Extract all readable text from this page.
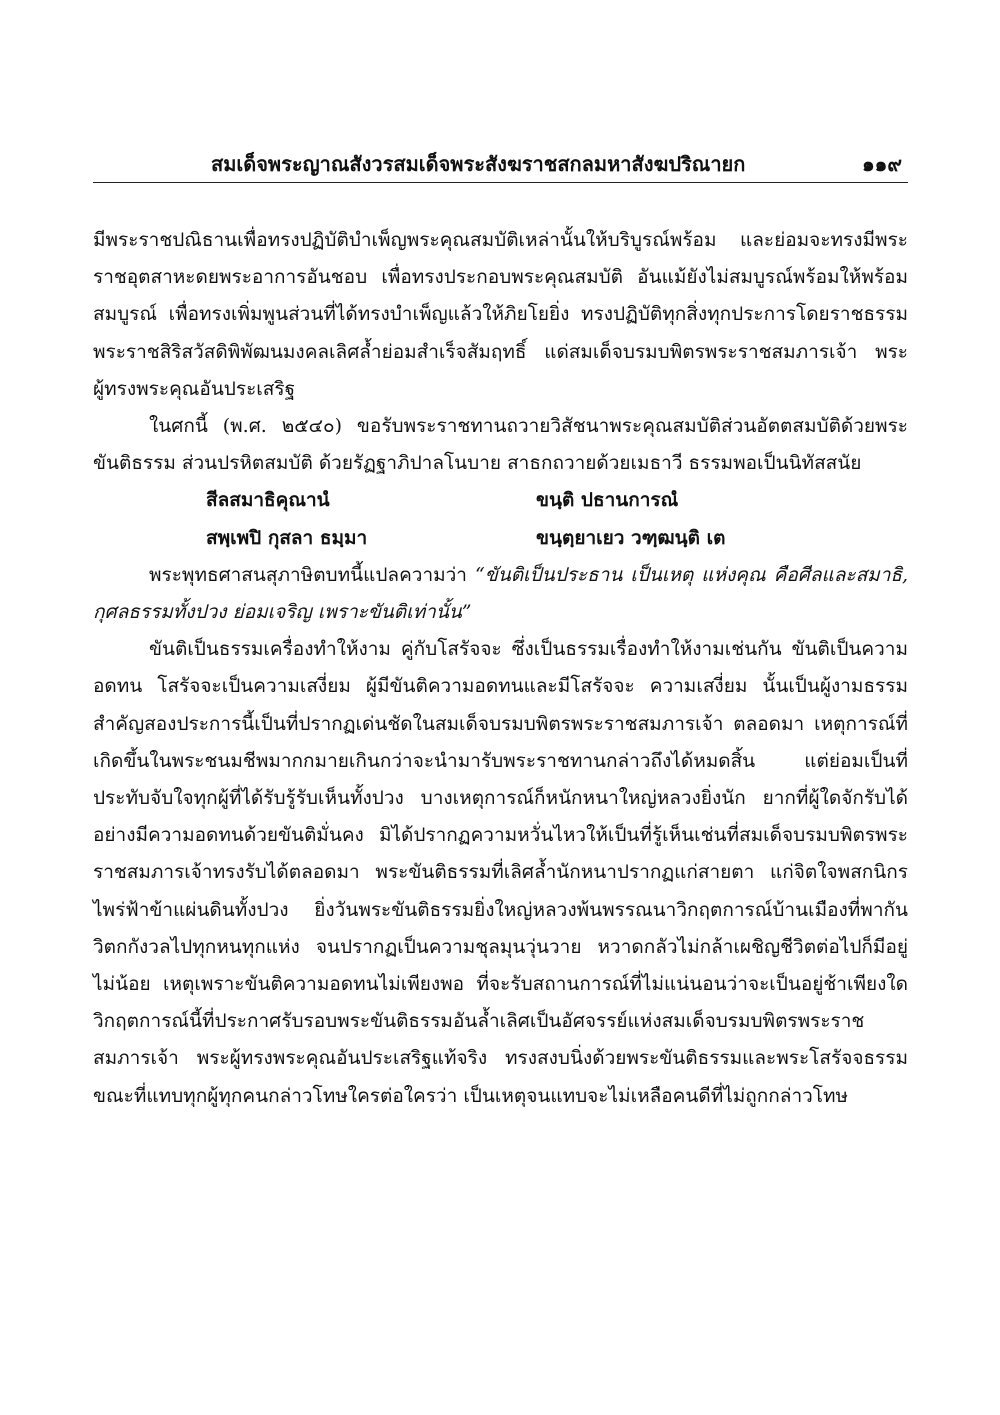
สมเด็จพระญาณสังวรสมเด็จพระสังฆราชสกลมหาสังฆปริณายก	๑๑๙

มีพระราชปณิธานเพื่อทรงปฏิบัติบำเพ็ญพระคุณสมบัติเหล่านั้นให้บริบูรณ์พร้อม และย่อมจะทรงมีพระราชอุตสาหะดยพระอาการอันชอบ เพื่อทรงประกอบพระคุณสมบัติ อันแม้ยังไม่สมบูรณ์พร้อมให้พร้อมสมบูรณ์ เพื่อทรงเพิ่มพูนส่วนที่ได้ทรงบำเพ็ญแล้วให้ภิยโยยิ่ง ทรงปฏิบัติทุกสิ่งทุกประการโดยราชธรรม พระราชสิริสวัสดิพิพัฒนมงคลเลิศล้ำย่อมสำเร็จสัมฤทธิ์ แด่สมเด็จบรมบพิตรพระราชสมภารเจ้า พระผู้ทรงพระคุณอันประเสริฐ

ในศกนี้ (พ.ศ. ๒๕๔๐) ขอรับพระราชทานถวายวิสัชนาพระคุณสมบัติส่วนอัตตสมบัติด้วยพระขันติธรรม ส่วนปรหิตสมบัติ ด้วยรัฏฐาภิปาลโนบาย สาธกถวายด้วยเมธาวี ธรรมพอเป็นนิทัสสนัย

สีลสมาธิคุณานํ	ขนฺติ ปธานการณํ
สพฺเพปิ กุสลา ธมฺมา	ขนฺตฺยาเยว วฑฺฒนฺติ เต

พระพุทธศาสนสุภาษิตบทนี้แปลความว่า “ขันติเป็นประธาน เป็นเหตุ แห่งคุณ คือศีลและสมาธิ, กุศลธรรมทั้งปวง ย่อมเจริญ เพราะขันติเท่านั้น”

ขันติเป็นธรรมเครื่องทำให้งาม คู่กับโสรัจจะ ซึ่งเป็นธรรมเรื่องทำให้งามเช่นกัน ขันติเป็นความอดทน โสรัจจะเป็นความเสงี่ยม ผู้มีขันติความอดทนและมีโสรัจจะ ความเสงี่ยม นั้นเป็นผู้งามธรรมสำคัญสองประการนี้เป็นที่ปรากฏเด่นชัดในสมเด็จบรมบพิตรพระราชสมภารเจ้า ตลอดมา เหตุการณ์ที่เกิดขึ้นในพระชนมชีพมากกมายเกินกว่าจะนำมารับพระราชทานกล่าวถึงได้หมดสิ้น แต่ย่อมเป็นที่ประทับจับใจทุกผู้ที่ได้รับรู้รับเห็นทั้งปวง บางเหตุการณ์ก็หนักหนาใหญ่หลวงยิ่งนัก ยากที่ผู้ใดจักรับได้อย่างมีความอดทนด้วยขันติมั่นคง มิได้ปรากฏความหวั่นไหวให้เป็นที่รู้เห็นเช่นที่สมเด็จบรมบพิตรพระราชสมภารเจ้าทรงรับได้ตลอดมา พระขันติธรรมที่เลิศล้ำนักหนาปรากฏแก่สายตา แก่จิตใจพสกนิกรไพร่ฟ้าข้าแผ่นดินทั้งปวง ยิ่งวันพระขันติธรรมยิ่งใหญ่หลวงพ้นพรรณนาวิกฤตการณ์บ้านเมืองที่พากันวิตกกังวลไปทุกหนทุกแห่ง จนปรากฏเป็นความชุลมุนวุ่นวาย หวาดกลัวไม่กล้าเผชิญชีวิตต่อไปก็มีอยู่ไม่น้อย เหตุเพราะขันติความอดทนไม่เพียงพอ ที่จะรับสถานการณ์ที่ไม่แน่นอนว่าจะเป็นอยู่ช้าเพียงใด วิกฤตการณ์นี้ที่ประกาศรับรอบพระขันติธรรมอันล้ำเลิศเป็นอัศจรรย์แห่งสมเด็จบรมบพิตรพระราชสมภารเจ้า พระผู้ทรงพระคุณอันประเสริฐแท้จริง ทรงสงบนิ่งด้วยพระขันติธรรมและพระโสรัจจธรรม ขณะที่แทบทุกผู้ทุกคนกล่าวโทษใครต่อใครว่า เป็นเหตุจนแทบจะไม่เหลือคนดีที่ไม่ถูกกล่าวโทษ
